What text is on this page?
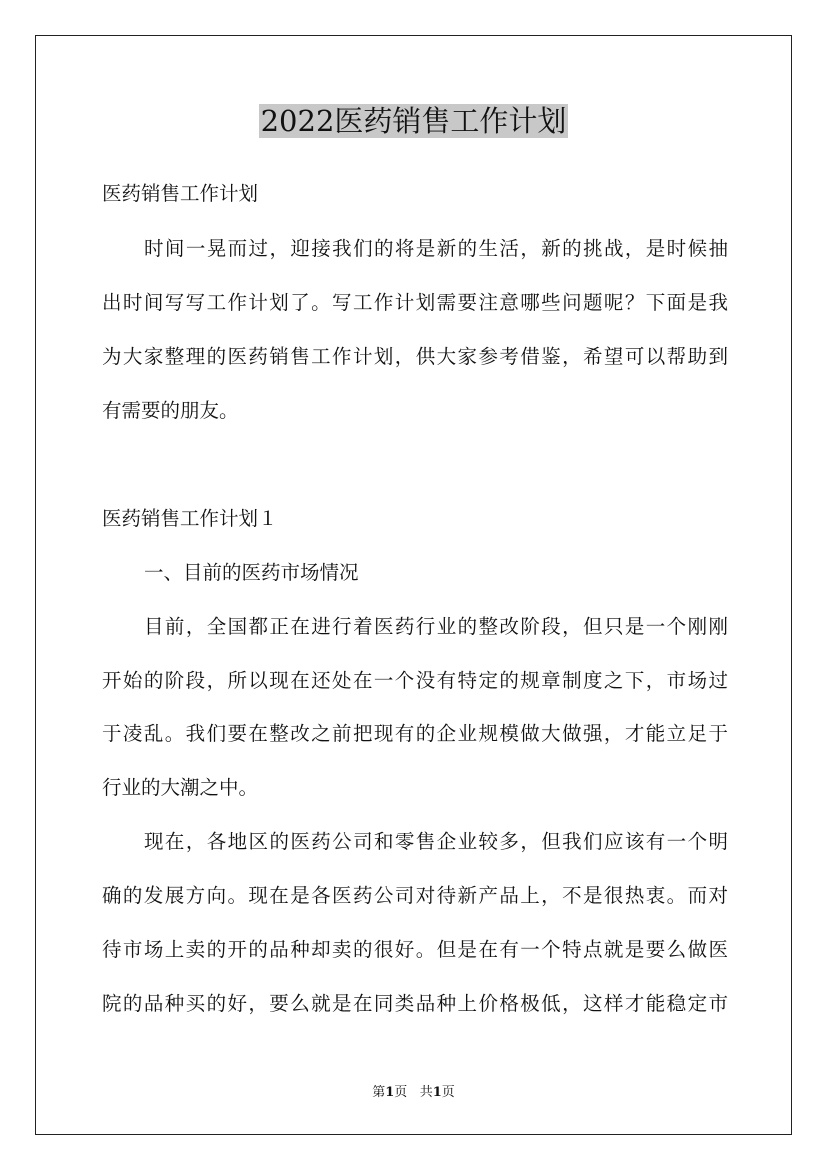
2022医药销售工作计划
医药销售工作计划
时间一晃而过，迎接我们的将是新的生活，新的挑战，是时候抽
出时间写写工作计划了。写工作计划需要注意哪些问题呢？下面是我
为大家整理的医药销售工作计划，供大家参考借鉴，希望可以帮助到
有需要的朋友。
医药销售工作计划１
一、目前的医药市场情况
目前，全国都正在进行着医药行业的整改阶段，但只是一个刚刚
开始的阶段，所以现在还处在一个没有特定的规章制度之下，市场过
于凌乱。我们要在整改之前把现有的企业规模做大做强，才能立足于
行业的大潮之中。
现在，各地区的医药公司和零售企业较多，但我们应该有一个明
确的发展方向。现在是各医药公司对待新产品上，不是很热衷。而对
待市场上卖的开的品种却卖的很好。但是在有一个特点就是要么做医
院的品种买的好，要么就是在同类品种上价格极低，这样才能稳定市
第1页 共1页
